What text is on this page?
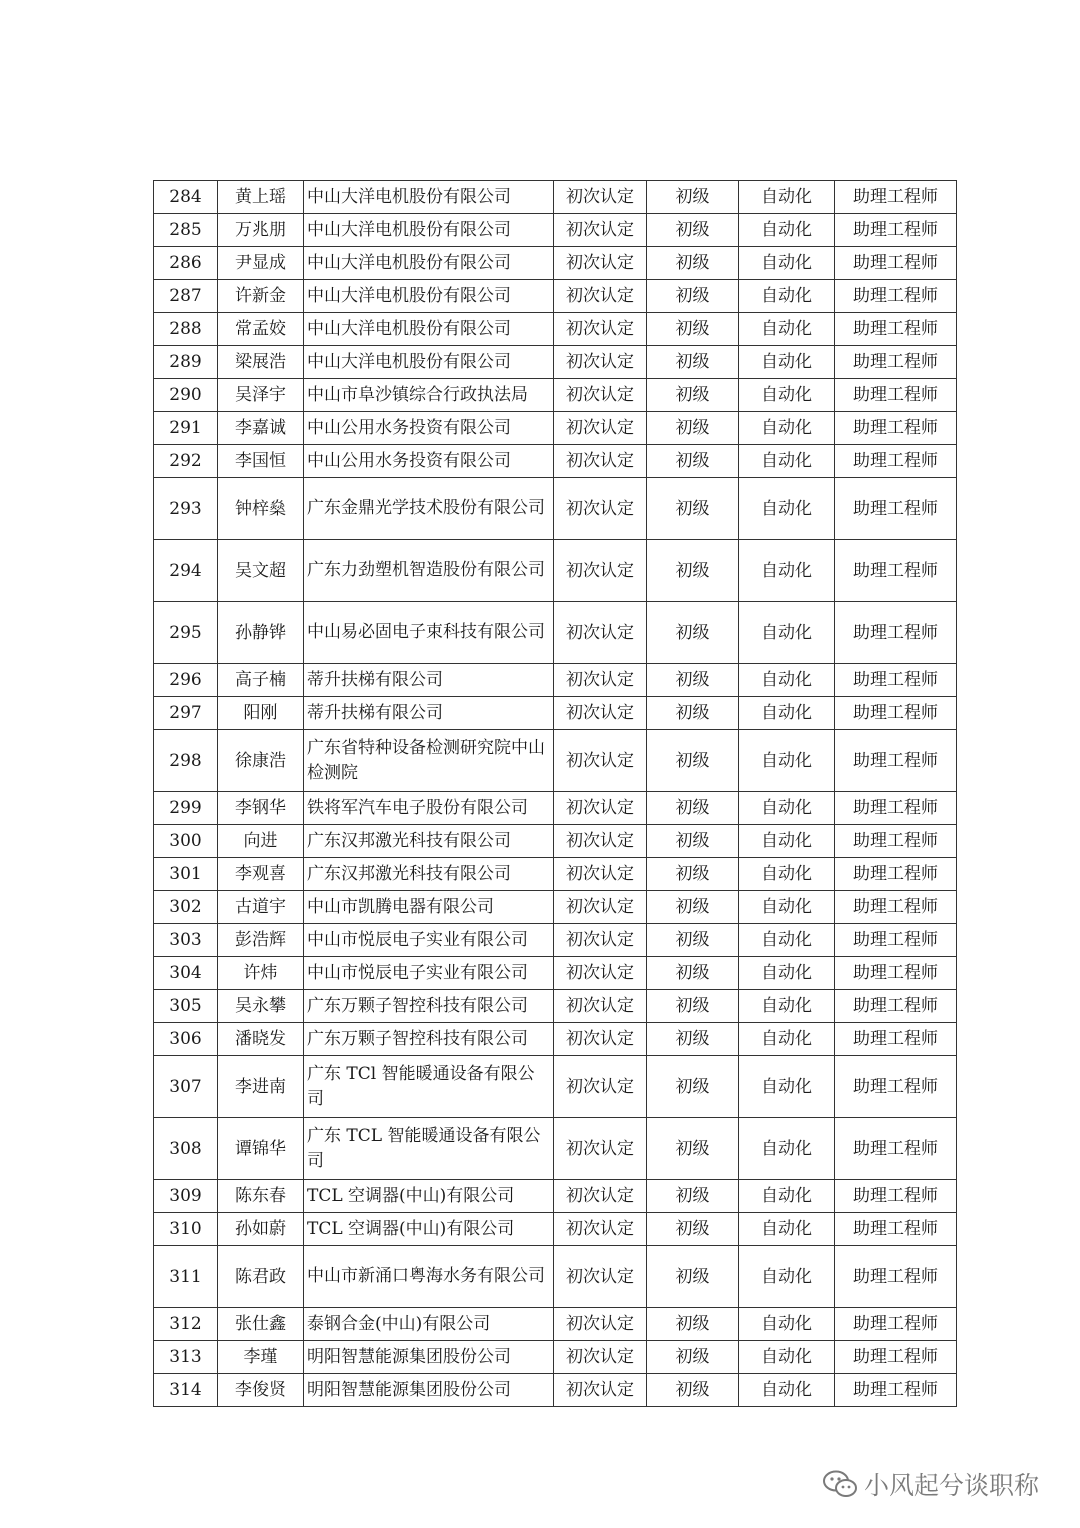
284	黄上瑶	中山大洋电机股份有限公司	初次认定	初级	自动化	助理工程师
285	万兆朋	中山大洋电机股份有限公司	初次认定	初级	自动化	助理工程师
286	尹显成	中山大洋电机股份有限公司	初次认定	初级	自动化	助理工程师
287	许新金	中山大洋电机股份有限公司	初次认定	初级	自动化	助理工程师
288	常孟姣	中山大洋电机股份有限公司	初次认定	初级	自动化	助理工程师
289	梁展浩	中山大洋电机股份有限公司	初次认定	初级	自动化	助理工程师
290	吴泽宇	中山市阜沙镇综合行政执法局	初次认定	初级	自动化	助理工程师
291	李嘉诚	中山公用水务投资有限公司	初次认定	初级	自动化	助理工程师
292	李国恒	中山公用水务投资有限公司	初次认定	初级	自动化	助理工程师
293	钟梓燊	广东金鼎光学技术股份有限公司	初次认定	初级	自动化	助理工程师
294	吴文超	广东力劲塑机智造股份有限公司	初次认定	初级	自动化	助理工程师
295	孙静铧	中山易必固电子束科技有限公司	初次认定	初级	自动化	助理工程师
296	高子楠	蒂升扶梯有限公司	初次认定	初级	自动化	助理工程师
297	阳刚	蒂升扶梯有限公司	初次认定	初级	自动化	助理工程师
298	徐康浩	广东省特种设备检测研究院中山检测院	初次认定	初级	自动化	助理工程师
299	李钢华	铁将军汽车电子股份有限公司	初次认定	初级	自动化	助理工程师
300	向进	广东汉邦激光科技有限公司	初次认定	初级	自动化	助理工程师
301	李观喜	广东汉邦激光科技有限公司	初次认定	初级	自动化	助理工程师
302	古道宇	中山市凯腾电器有限公司	初次认定	初级	自动化	助理工程师
303	彭浩辉	中山市悦辰电子实业有限公司	初次认定	初级	自动化	助理工程师
304	许炜	中山市悦辰电子实业有限公司	初次认定	初级	自动化	助理工程师
305	吴永攀	广东万颗子智控科技有限公司	初次认定	初级	自动化	助理工程师
306	潘晓发	广东万颗子智控科技有限公司	初次认定	初级	自动化	助理工程师
307	李进南	广东 TCl 智能暖通设备有限公司	初次认定	初级	自动化	助理工程师
308	谭锦华	广东 TCL 智能暖通设备有限公司	初次认定	初级	自动化	助理工程师
309	陈东春	TCL 空调器(中山)有限公司	初次认定	初级	自动化	助理工程师
310	孙如蔚	TCL 空调器(中山)有限公司	初次认定	初级	自动化	助理工程师
311	陈君政	中山市新涌口粤海水务有限公司	初次认定	初级	自动化	助理工程师
312	张仕鑫	泰钢合金(中山)有限公司	初次认定	初级	自动化	助理工程师
313	李瑾	明阳智慧能源集团股份公司	初次认定	初级	自动化	助理工程师
314	李俊贤	明阳智慧能源集团股份公司	初次认定	初级	自动化	助理工程师
小风起兮谈职称
